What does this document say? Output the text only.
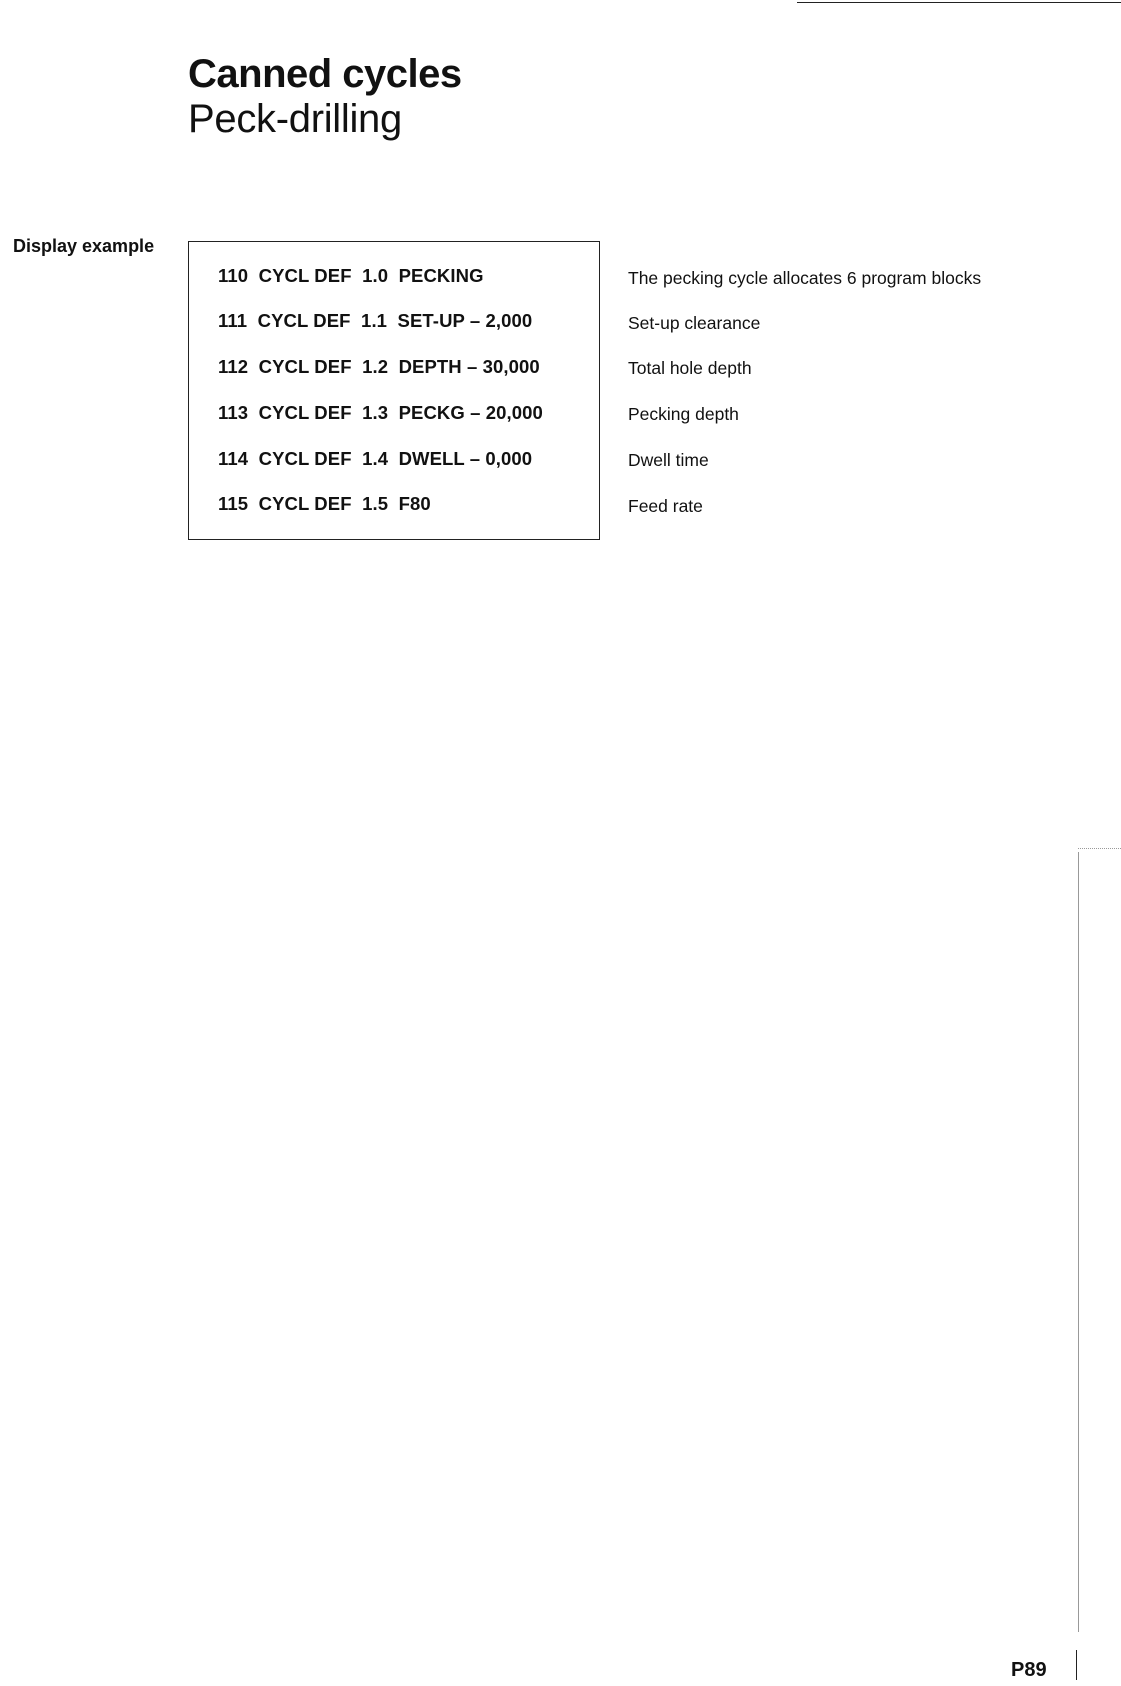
Canned cycles
Peck-drilling
Display example
110  CYCL DEF  1.0  PECKING	The pecking cycle allocates 6 program blocks
111  CYCL DEF  1.1  SET-UP – 2,000	Set-up clearance
112  CYCL DEF  1.2  DEPTH – 30,000	Total hole depth
113  CYCL DEF  1.3  PECKG – 20,000	Pecking depth
114  CYCL DEF  1.4  DWELL – 0,000	Dwell time
115  CYCL DEF  1.5  F80	Feed rate
P89
